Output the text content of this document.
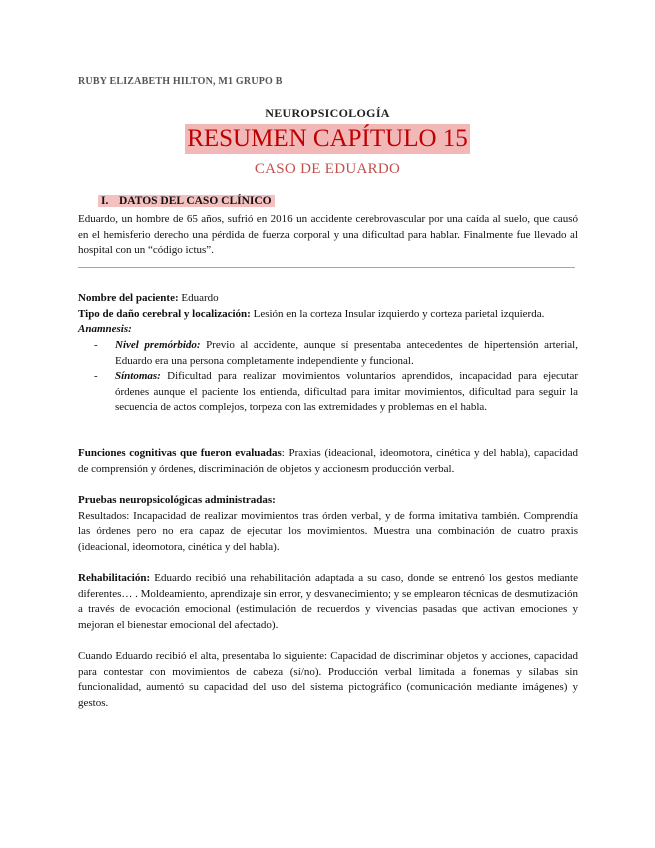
RUBY ELIZABETH HILTON, M1 GRUPO B
NEUROPSICOLOGÍA
RESUMEN CAPÍTULO 15
CASO DE EDUARDO
I. DATOS DEL CASO CLÍNICO
Eduardo, un hombre de 65 años, sufrió en 2016 un accidente cerebrovascular por una caída al suelo, que causó en el hemisferio derecho una pérdida de fuerza corporal y una dificultad para hablar. Finalmente fue llevado al hospital con un “código ictus”.
Nombre del paciente: Eduardo
Tipo de daño cerebral y localización: Lesión en la corteza Insular izquierdo y corteza parietal izquierda.
Anamnesis:
-	Nivel premórbido: Previo al accidente, aunque sí presentaba antecedentes de hipertensión arterial, Eduardo era una persona completamente independiente y funcional.
-	Síntomas: Dificultad para realizar movimientos voluntarios aprendidos, incapacidad para ejecutar órdenes aunque el paciente los entienda, dificultad para imitar movimientos, dificultad para seguir la secuencia de actos complejos, torpeza con las extremidades y problemas en el habla.
Funciones cognitivas que fueron evaluadas: Praxias (ideacional, ideomotora, cinética y del habla), capacidad de comprensión y órdenes, discriminación de objetos y accionesm producción verbal.
Pruebas neuropsicológicas administradas:
Resultados: Incapacidad de realizar movimientos tras órden verbal, y de forma imitativa también. Comprendía las órdenes pero no era capaz de ejecutar los movimientos. Muestra una combinación de cuatro praxis (ideacional, ideomotora, cinética y del habla).
Rehabilitación: Eduardo recibió una rehabilitación adaptada a su caso, donde se entrenó los gestos mediante diferentes… . Moldeamiento, aprendizaje sin error, y desvanecimiento; y se emplearon técnicas de desmutización a través de evocación emocional (estimulación de recuerdos y vivencias pasadas que activan emociones y mejoran el bienestar emocional del afectado).
Cuando Eduardo recibió el alta, presentaba lo siguiente: Capacidad de discriminar objetos y acciones, capacidad para contestar con movimientos de cabeza (sí/no). Producción verbal limitada a fonemas y sílabas sin funcionalidad, aumentó su capacidad del uso del sistema pictográfico (comunicación mediante imágenes) y gestos.
